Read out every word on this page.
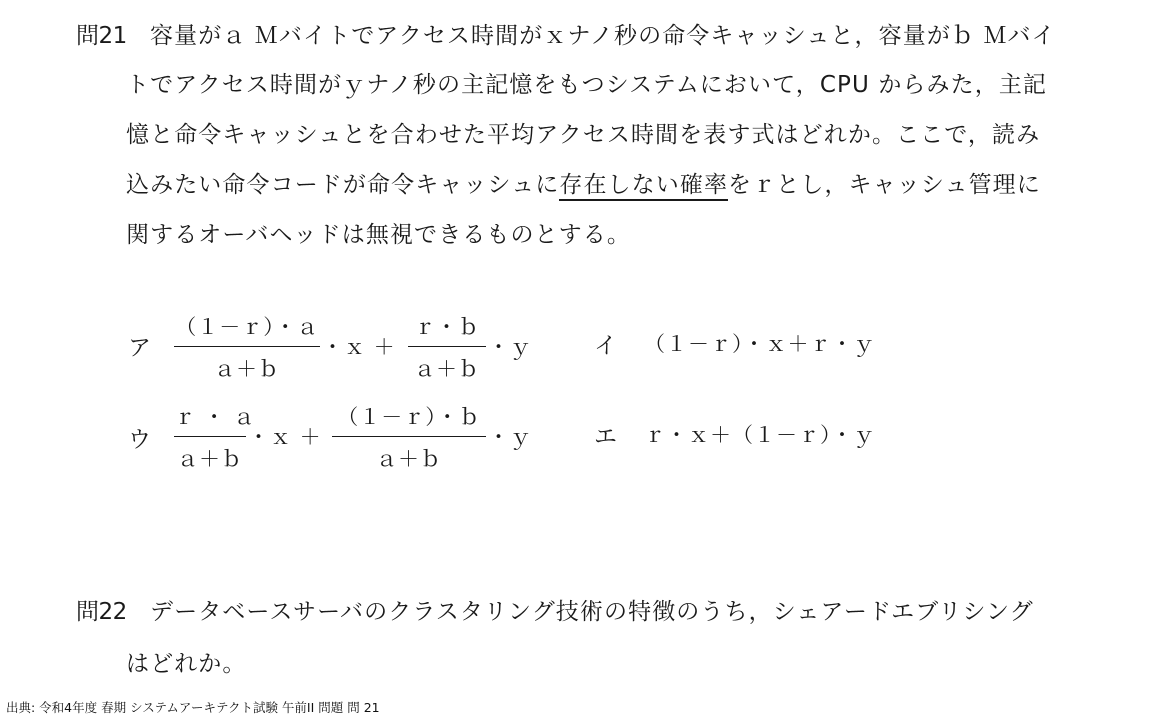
問21 容量がａ Ｍバイトでアクセス時間がｘナノ秒の命令キャッシュと，容量がｂ Ｍバイ
トでアクセス時間がｙナノ秒の主記憶をもつシステムにおいて，CPU からみた，主記
憶と命令キャッシュとを合わせた平均アクセス時間を表す式はどれか。ここで，読み
込みたい命令コードが命令キャッシュに存在しない確率をｒとし，キャッシュ管理に
関するオーバヘッドは無視できるものとする。
ア
（１－ｒ）・ａ
ａ＋ｂ
・ｘ ＋
ｒ・ｂ
ａ＋ｂ
・ｙ	イ （１－ｒ）・ｘ＋ｒ・ｙ
ウ
ｒ ・ ａ
ａ＋ｂ
・ｘ ＋
（１－ｒ）・ｂ
ａ＋ｂ
・ｙ	エ ｒ・ｘ＋（１－ｒ）・ｙ
問22 データベースサーバのクラスタリング技術の特徴のうち，シェアードエブリシング
はどれか。
出典: 令和4年度 春期 システムアーキテクト試験 午前II 問題 問 21
